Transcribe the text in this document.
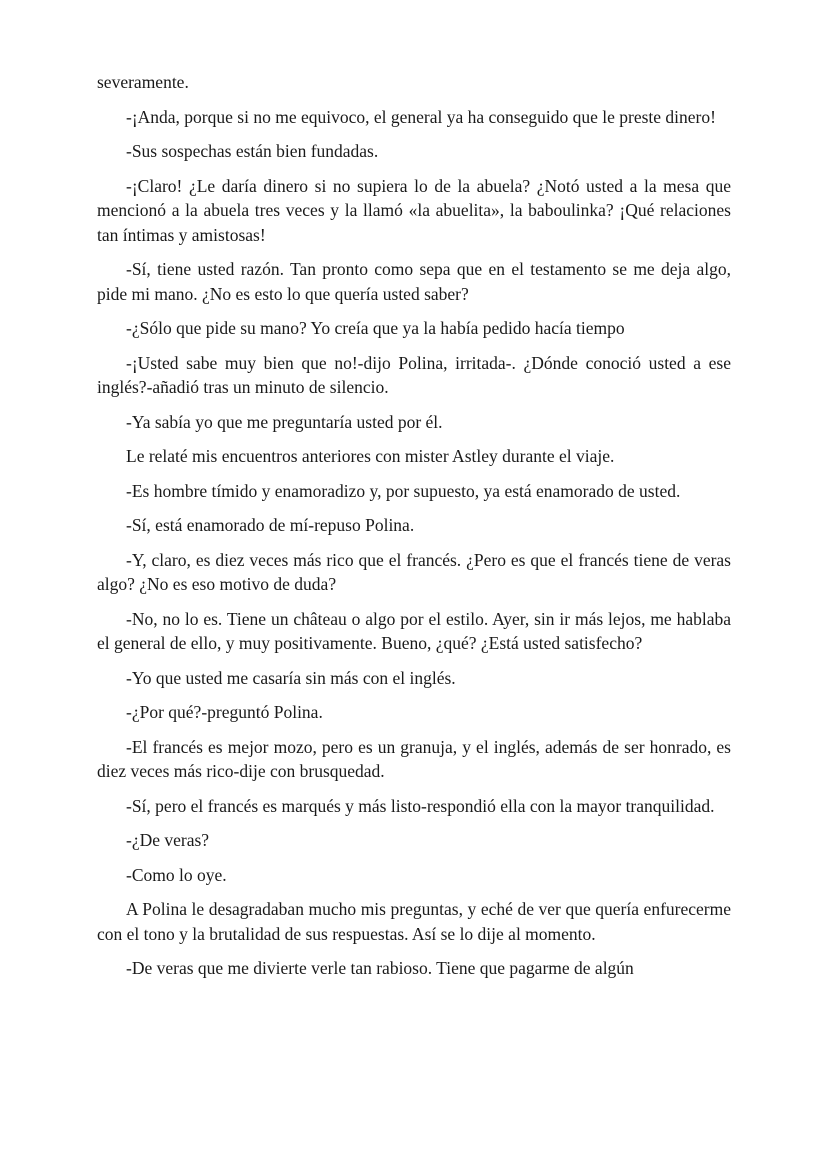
severamente.

-¡Anda, porque si no me equivoco, el general ya ha conseguido que le preste dinero!

-Sus sospechas están bien fundadas.

-¡Claro! ¿Le daría dinero si no supiera lo de la abuela? ¿Notó usted a la mesa que mencionó a la abuela tres veces y la llamó «la abuelita», la baboulinka? ¡Qué relaciones tan íntimas y amistosas!

-Sí, tiene usted razón. Tan pronto como sepa que en el testamento se me deja algo, pide mi mano. ¿No es esto lo que quería usted saber?

-¿Sólo que pide su mano? Yo creía que ya la había pedido hacía tiempo

-¡Usted sabe muy bien que no!-dijo Polina, irritada-. ¿Dónde conoció usted a ese inglés?-añadió tras un minuto de silencio.

-Ya sabía yo que me preguntaría usted por él.

Le relaté mis encuentros anteriores con mister Astley durante el viaje.

-Es hombre tímido y enamoradizo y, por supuesto, ya está enamorado de usted.

-Sí, está enamorado de mí-repuso Polina.

-Y, claro, es diez veces más rico que el francés. ¿Pero es que el francés tiene de veras algo? ¿No es eso motivo de duda?

-No, no lo es. Tiene un château o algo por el estilo. Ayer, sin ir más lejos, me hablaba el general de ello, y muy positivamente. Bueno, ¿qué? ¿Está usted satisfecho?

-Yo que usted me casaría sin más con el inglés.

-¿Por qué?-preguntó Polina.

-El francés es mejor mozo, pero es un granuja, y el inglés, además de ser honrado, es diez veces más rico-dije con brusquedad.

-Sí, pero el francés es marqués y más listo-respondió ella con la mayor tranquilidad.

-¿De veras?

-Como lo oye.

A Polina le desagradaban mucho mis preguntas, y eché de ver que quería enfurecerme con el tono y la brutalidad de sus respuestas. Así se lo dije al momento.

-De veras que me divierte verle tan rabioso. Tiene que pagarme de algún
